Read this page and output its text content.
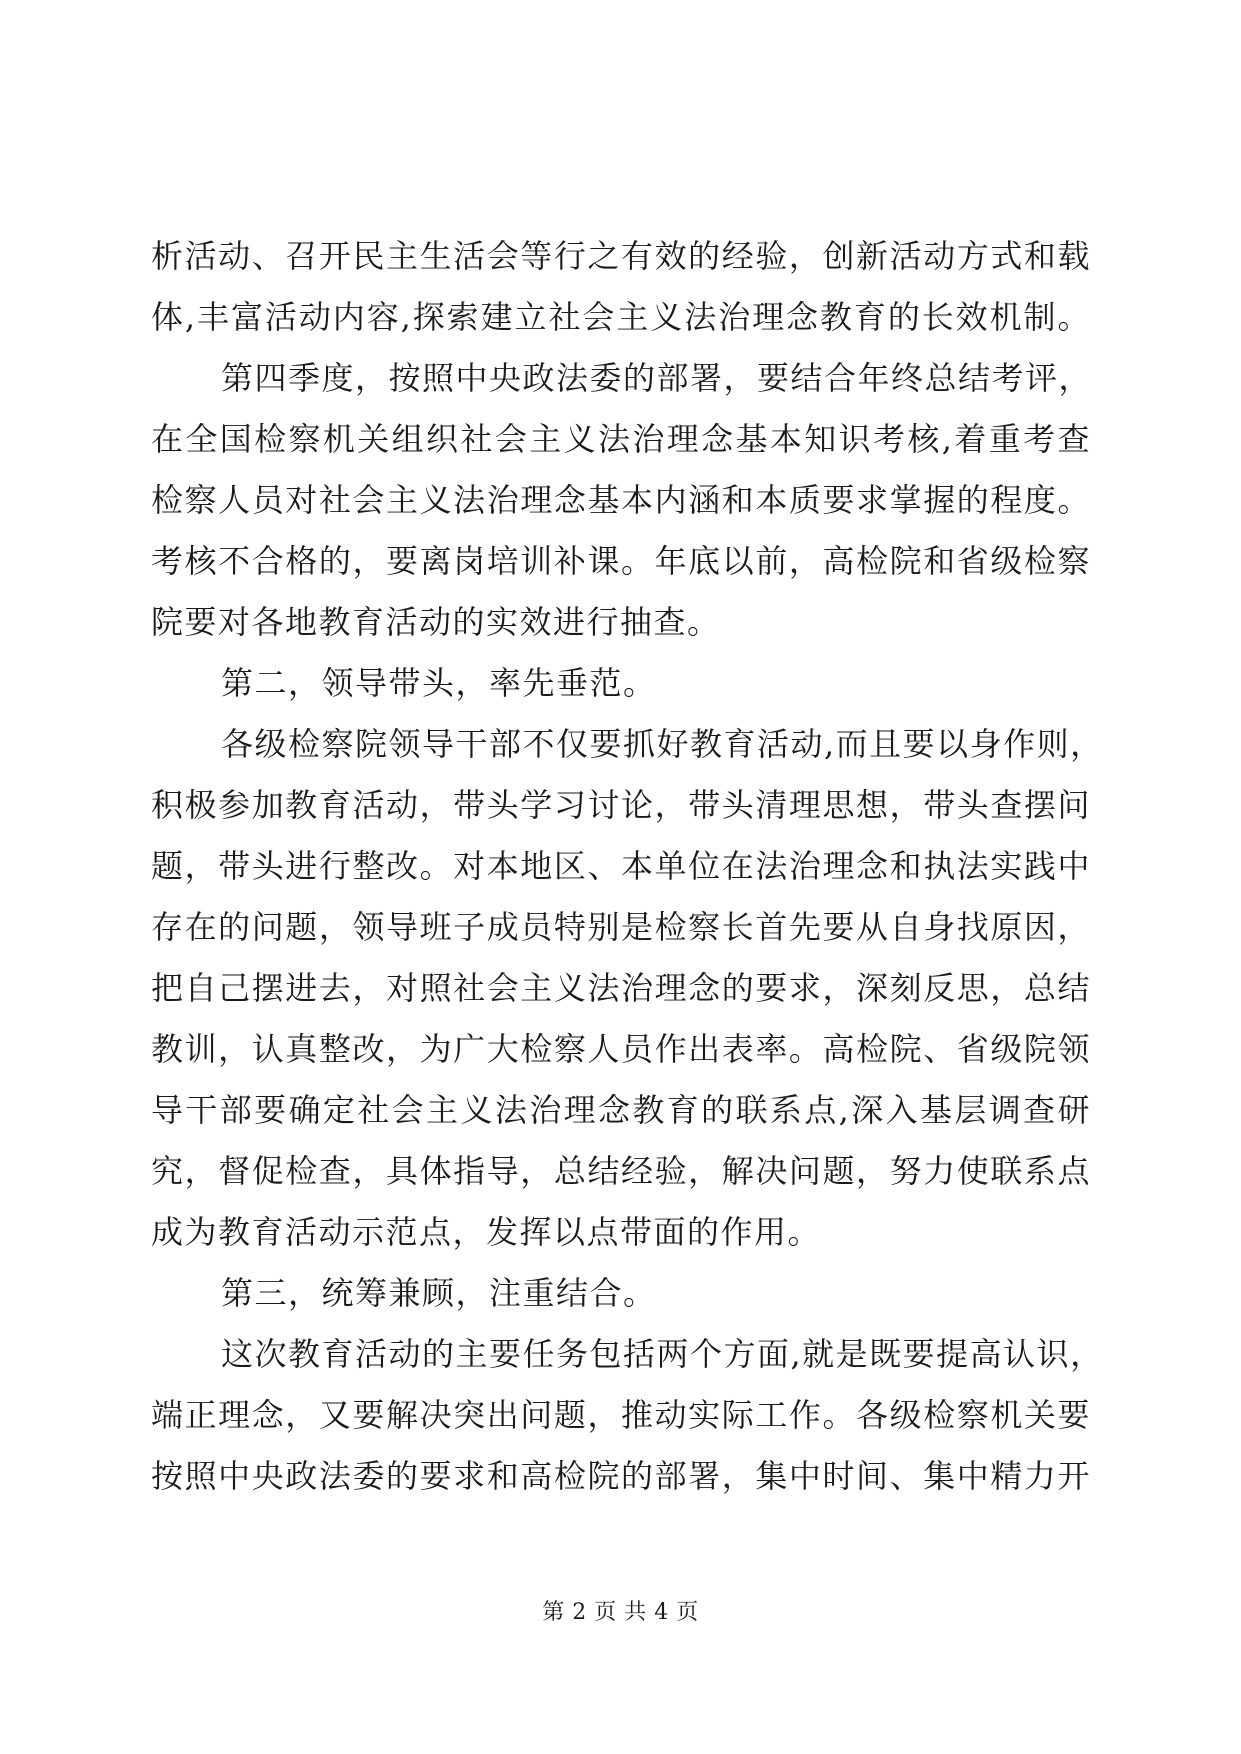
析活动、召开民主生活会等行之有效的经验，创新活动方式和载
体,丰富活动内容,探索建立社会主义法治理念教育的长效机制。
第四季度，按照中央政法委的部署，要结合年终总结考评，
在全国检察机关组织社会主义法治理念基本知识考核,着重考查
检察人员对社会主义法治理念基本内涵和本质要求掌握的程度。
考核不合格的，要离岗培训补课。年底以前，高检院和省级检察
院要对各地教育活动的实效进行抽查。
第二，领导带头，率先垂范。
各级检察院领导干部不仅要抓好教育活动,而且要以身作则，
积极参加教育活动，带头学习讨论，带头清理思想，带头查摆问
题，带头进行整改。对本地区、本单位在法治理念和执法实践中
存在的问题，领导班子成员特别是检察长首先要从自身找原因，
把自己摆进去，对照社会主义法治理念的要求，深刻反思，总结
教训，认真整改，为广大检察人员作出表率。高检院、省级院领
导干部要确定社会主义法治理念教育的联系点,深入基层调查研
究，督促检查，具体指导，总结经验，解决问题，努力使联系点
成为教育活动示范点，发挥以点带面的作用。
第三，统筹兼顾，注重结合。
这次教育活动的主要任务包括两个方面,就是既要提高认识，
端正理念，又要解决突出问题，推动实际工作。各级检察机关要
按照中央政法委的要求和高检院的部署，集中时间、集中精力开
第 2 页 共 4 页
